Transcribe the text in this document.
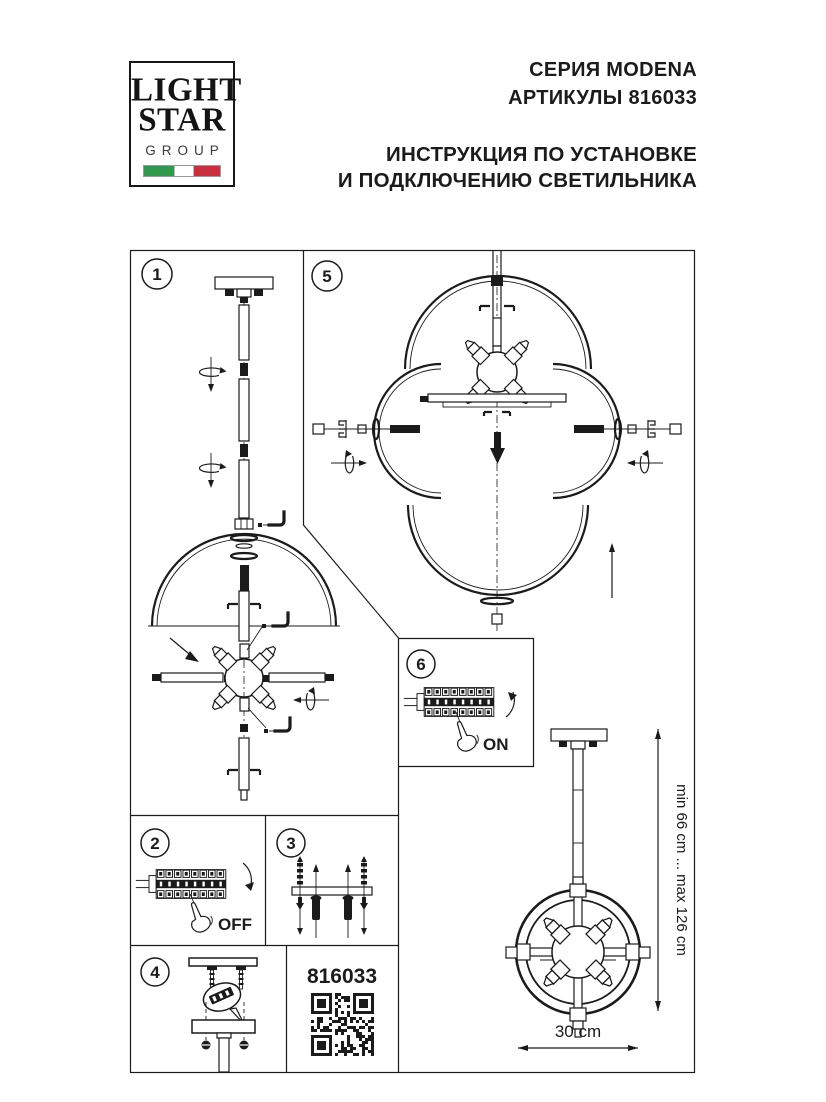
LIGHT
STAR
GROUP
СЕРИЯ MODENA
АРТИКУЛЫ 816033
ИНСТРУКЦИЯ ПО УСТАНОВКЕ
И ПОДКЛЮЧЕНИЮ СВЕТИЛЬНИКА
1	5
6
2	3
4
ON
OFF
816033
min 66 cm ... max 126 cm
30 cm
